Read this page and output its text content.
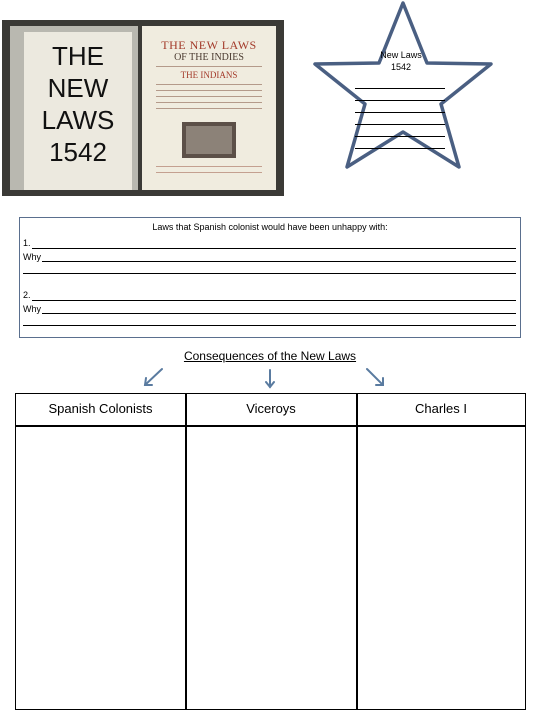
THE
NEW
LAWS
1542
THE NEW LAWS
OF THE INDIES
THE INDIANS
New Laws
1542
Laws that Spanish colonist would have been unhappy with:
1.
Why
2.
Why
Consequences of the New Laws
Spanish Colonists	Viceroys	Charles I
